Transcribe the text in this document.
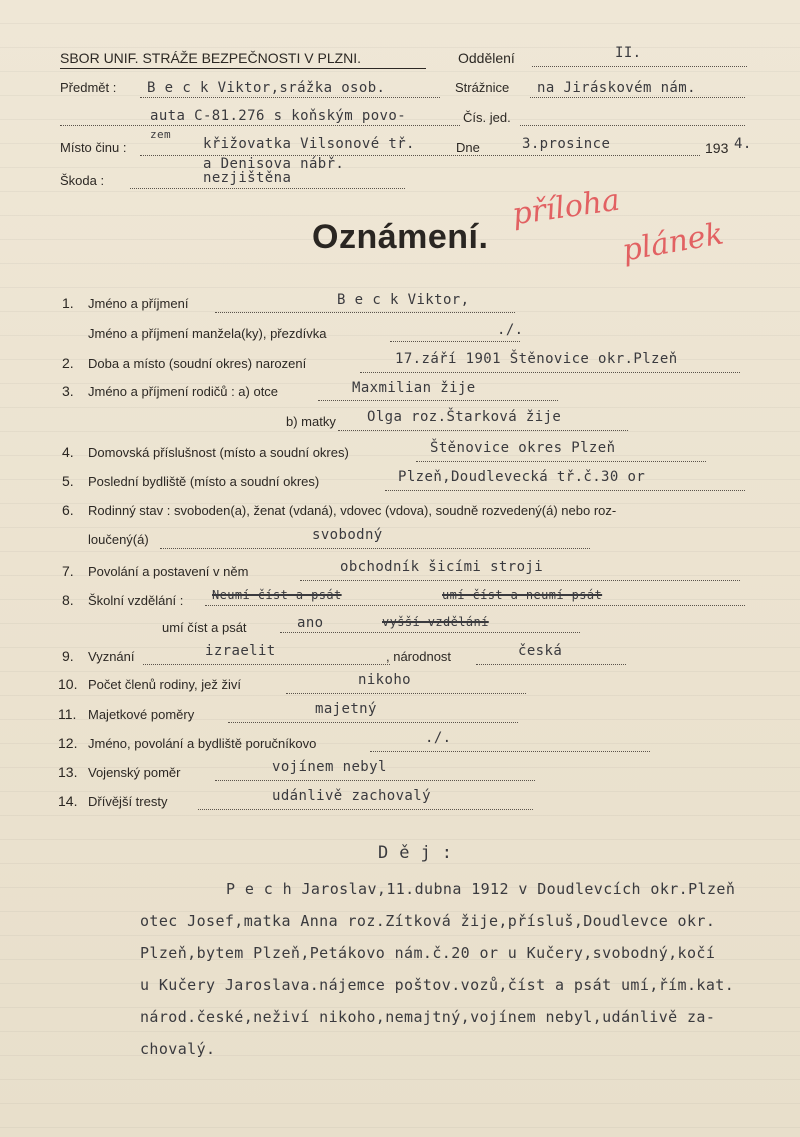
SBOR UNIF. STRÁŽE BEZPEČNOSTI V PLZNI.	Oddělení	II.
Předmět : B e c k Viktor,srážka osob.	Strážnice na Jiráskovém nám.
auta C-81.276 s koňským povo-	Čís. jed.
zem
Místo činu :	křižovatka Vilsonové tř.	Dne	3.prosince	193 4.
a Denisova nábř.
Škoda :	nezjištěna
příloha
plánek
Oznámení.
1. Jméno a příjmení	B e c k Viktor,
Jméno a příjmení manžela(ky), přezdívka	./.
2. Doba a místo (soudní okres) narození	17.září 1901 Štěnovice okr.Plzeň
3. Jméno a příjmení rodičů : a) otce	Maxmilian žije
b) matky Olga roz.Štarková žije
4. Domovská příslušnost (místo a soudní okres)	Štěnovice okres Plzeň
5. Poslední bydliště (místo a soudní okres)	Plzeň,Doudlevecká tř.č.30 or
6. Rodinný stav : svoboden(a), ženat (vdaná), vdovec (vdova), soudně rozvedený(á) nebo roz-
loučený(á)	svobodný
7. Povolání a postavení v něm	obchodník šicími stroji
8. Školní vzdělání : Neumí číst a psát	umí číst a neumí psát
umí číst a psát	ano	vyšší vzdělání
9. Vyznání	izraelit	, národnost	česká
10. Počet členů rodiny, jež živí	nikoho
11. Majetkové poměry	majetný
12. Jméno, povolání a bydliště poručníkovo	./.
13. Vojenský poměr	vojínem nebyl
14. Dřívější tresty	udánlivě zachovalý
D ě j :
P e c h Jaroslav,11.dubna 1912 v Doudlevcích okr.Plzeň
otec Josef,matka Anna roz.Zítková žije,přísluš,Doudlevce okr.
Plzeň,bytem Plzeň,Petákovo nám.č.20 or u Kučery,svobodný,kočí
u Kučery Jaroslava.nájemce poštov.vozů,číst a psát umí,řím.kat.
národ.české,neživí nikoho,nemajtný,vojínem nebyl,udánlivě za-
chovalý.
